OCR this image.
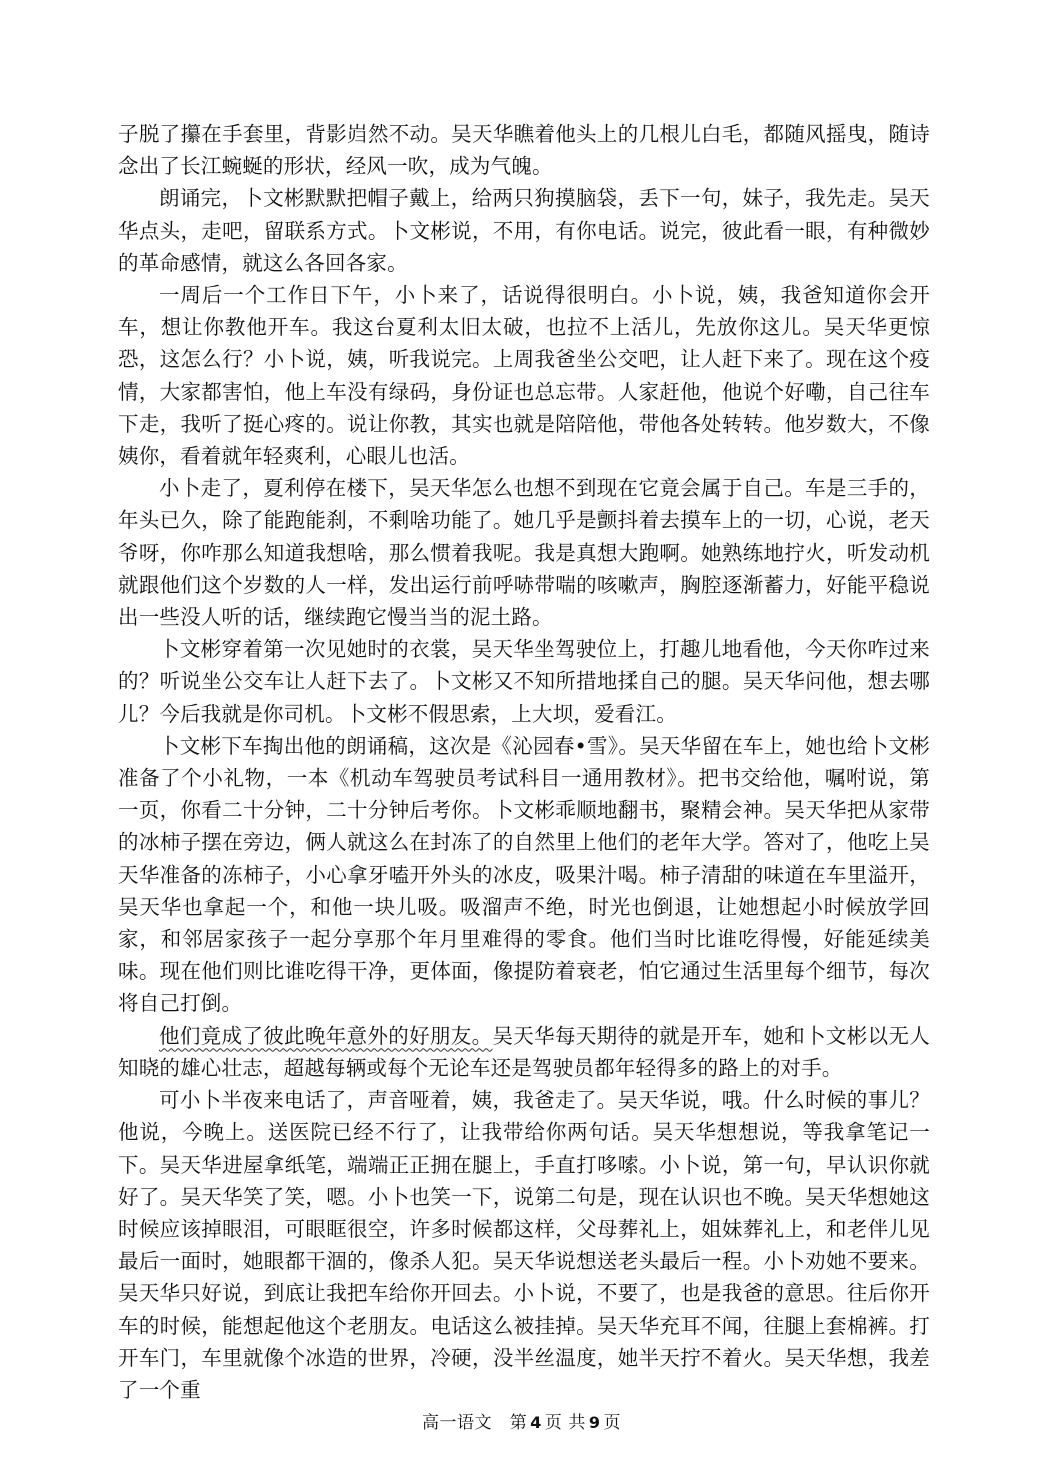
子脱了攥在手套里，背影岿然不动。吴天华瞧着他头上的几根儿白毛，都随风摇曳，随诗念出了长江蜿蜒的形状，经风一吹，成为气魄。

朗诵完，卜文彬默默把帽子戴上，给两只狗摸脑袋，丢下一句，妹子，我先走。吴天华点头，走吧，留联系方式。卜文彬说，不用，有你电话。说完，彼此看一眼，有种微妙的革命感情，就这么各回各家。

一周后一个工作日下午，小卜来了，话说得很明白。小卜说，姨，我爸知道你会开车，想让你教他开车。我这台夏利太旧太破，也拉不上活儿，先放你这儿。吴天华更惊恐，这怎么行？小卜说，姨，听我说完。上周我爸坐公交吧，让人赶下来了。现在这个疫情，大家都害怕，他上车没有绿码，身份证也总忘带。人家赶他，他说个好嘞，自己往车下走，我听了挺心疼的。说让你教，其实也就是陪陪他，带他各处转转。他岁数大，不像姨你，看着就年轻爽利，心眼儿也活。

小卜走了，夏利停在楼下，吴天华怎么也想不到现在它竟会属于自己。车是三手的，年头已久，除了能跑能刹，不剩啥功能了。她几乎是颤抖着去摸车上的一切，心说，老天爷呀，你咋那么知道我想啥，那么惯着我呢。我是真想大跑啊。她熟练地拧火，听发动机就跟他们这个岁数的人一样，发出运行前呼哧带喘的咳嗽声，胸腔逐渐蓄力，好能平稳说出一些没人听的话，继续跑它慢当当的泥土路。

卜文彬穿着第一次见她时的衣裳，吴天华坐驾驶位上，打趣儿地看他，今天你咋过来的？听说坐公交车让人赶下去了。卜文彬又不知所措地揉自己的腿。吴天华问他，想去哪儿？今后我就是你司机。卜文彬不假思索，上大坝，爱看江。

卜文彬下车掏出他的朗诵稿，这次是《沁园春•雪》。吴天华留在车上，她也给卜文彬准备了个小礼物，一本《机动车驾驶员考试科目一通用教材》。把书交给他，嘱咐说，第一页，你看二十分钟，二十分钟后考你。卜文彬乖顺地翻书，聚精会神。吴天华把从家带的冰柿子摆在旁边，俩人就这么在封冻了的自然里上他们的老年大学。答对了，他吃上吴天华准备的冻柿子，小心拿牙嗑开外头的冰皮，吸果汁喝。柿子清甜的味道在车里溢开，吴天华也拿起一个，和他一块儿吸。吸溜声不绝，时光也倒退，让她想起小时候放学回家，和邻居家孩子一起分享那个年月里难得的零食。他们当时比谁吃得慢，好能延续美味。现在他们则比谁吃得干净，更体面，像提防着衰老，怕它通过生活里每个细节，每次将自己打倒。

他们竟成了彼此晚年意外的好朋友。吴天华每天期待的就是开车，她和卜文彬以无人知晓的雄心壮志，超越每辆或每个无论车还是驾驶员都年轻得多的路上的对手。

可小卜半夜来电话了，声音哑着，姨，我爸走了。吴天华说，哦。什么时候的事儿？他说，今晚上。送医院已经不行了，让我带给你两句话。吴天华想想说，等我拿笔记一下。吴天华进屋拿纸笔，端端正正拥在腿上，手直打哆嗦。小卜说，第一句，早认识你就好了。吴天华笑了笑，嗯。小卜也笑一下，说第二句是，现在认识也不晚。吴天华想她这时候应该掉眼泪，可眼眶很空，许多时候都这样，父母葬礼上，姐妹葬礼上，和老伴儿见最后一面时，她眼都干涸的，像杀人犯。吴天华说想送老头最后一程。小卜劝她不要来。吴天华只好说，到底让我把车给你开回去。小卜说，不要了，也是我爸的意思。往后你开车的时候，能想起他这个老朋友。电话这么被挂掉。吴天华充耳不闻，往腿上套棉裤。打开车门，车里就像个冰造的世界，冷硬，没半丝温度，她半天拧不着火。吴天华想，我差了一个重

高一语文 第 4 页 共 9 页
